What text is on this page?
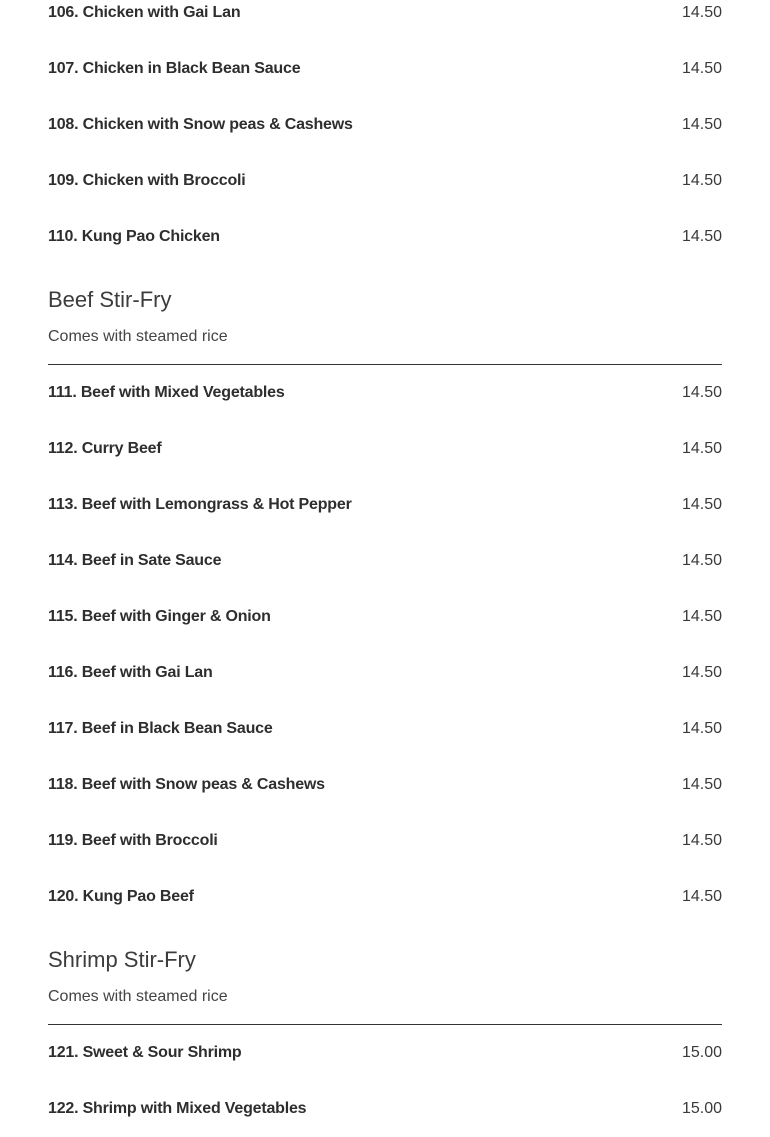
106. Chicken with Gai Lan	14.50
107. Chicken in Black Bean Sauce	14.50
108. Chicken with Snow peas & Cashews	14.50
109. Chicken with Broccoli	14.50
110. Kung Pao Chicken	14.50
Beef Stir-Fry
Comes with steamed rice
111. Beef with Mixed Vegetables	14.50
112. Curry Beef	14.50
113. Beef with Lemongrass & Hot Pepper	14.50
114. Beef in Sate Sauce	14.50
115. Beef with Ginger & Onion	14.50
116. Beef with Gai Lan	14.50
117. Beef in Black Bean Sauce	14.50
118. Beef with Snow peas & Cashews	14.50
119. Beef with Broccoli	14.50
120. Kung Pao Beef	14.50
Shrimp Stir-Fry
Comes with steamed rice
121. Sweet & Sour Shrimp	15.00
122. Shrimp with Mixed Vegetables	15.00
